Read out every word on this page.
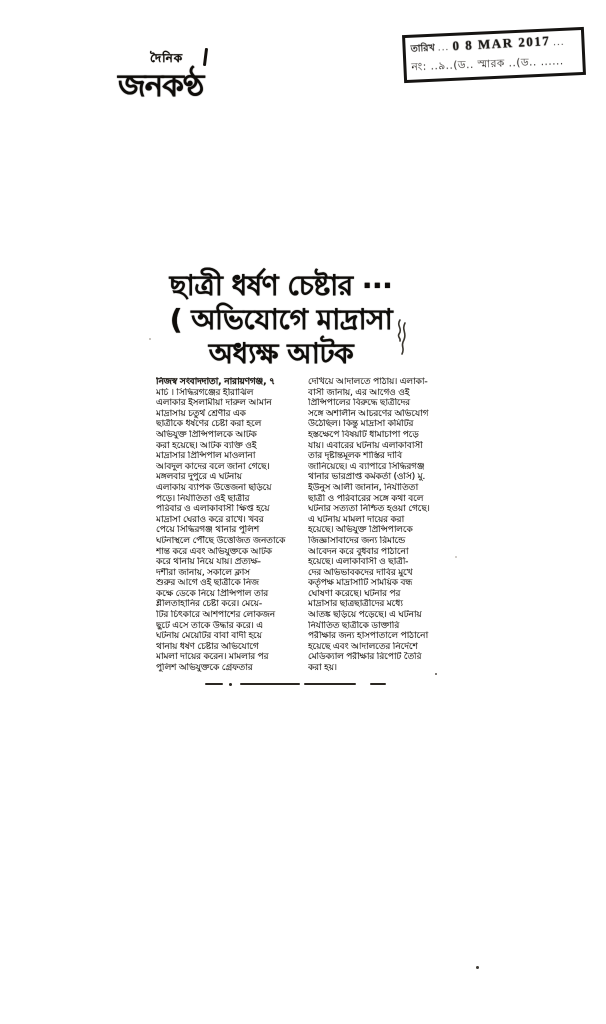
দৈনিক
জনকণ্ঠ
তারিখ ... 0 8 MAR 2017 ...
নং: ..৯..(ড.. স্মারক ..(ড.. ......
ছাত্রী ধর্ষণ চেষ্টার ···
( অভিযোগে মাদ্রাসা
অধ্যক্ষ আটক
নিজস্ব সংবাদদাতা, নারায়ণগঞ্জ, ৭
মার্চ । সিদ্ধিরগঞ্জের হীরাঝিল
এলাকার ইসলামীয়া দারুল আমান
মাদ্রাসায় চতুর্থ শ্রেণীর এক
ছাত্রীকে ধর্ষণের চেষ্টা করা হলে
অভিযুক্ত প্রিন্সিপালকে আটক
করা হয়েছে। আটক ব্যক্তি ওই
মাদ্রাসার প্রিন্সিপাল মাওলানা
আবদুল কাদের বলে জানা গেছে।
মঙ্গলবার দুপুরে এ ঘটনায়
এলাকায় ব্যাপক উত্তেজনা ছড়িয়ে
পড়ে। নির্যাতিতা ওই ছাত্রীর
পরিবার ও এলাকাবাসী ক্ষিপ্ত হয়ে
মাদ্রাসা ঘেরাও করে রাখে। খবর
পেয়ে সিদ্ধিরগঞ্জ থানার পুলিশ
ঘটনাস্থলে পৌঁছে উত্তেজিত জনতাকে
শান্ত করে এবং অভিযুক্তকে আটক
করে থানায় নিয়ে যায়। প্রত্যক্ষ-
দর্শীরা জানায়, সকালে ক্লাস
শুরুর আগে ওই ছাত্রীকে নিজ
কক্ষে ডেকে নিয়ে প্রিন্সিপাল তার
শ্লীলতাহানির চেষ্টা করে। মেয়ে-
টির চিৎকারে আশপাশের লোকজন
ছুটে এসে তাকে উদ্ধার করে। এ
ঘটনায় মেয়েটির বাবা বাদী হয়ে
থানায় ধর্ষণ চেষ্টার অভিযোগে
মামলা দায়ের করেন। মামলার পর
পুলিশ অভিযুক্তকে গ্রেফতার
দেখিয়ে আদালতে পাঠায়। এলাকা-
বাসী জানায়, এর আগেও ওই
প্রিন্সিপালের বিরুদ্ধে ছাত্রীদের
সঙ্গে অশালীন আচরণের অভিযোগ
উঠেছিল। কিন্তু মাদ্রাসা কমিটির
হস্তক্ষেপে বিষয়টি ধামাচাপা পড়ে
যায়। এবারের ঘটনায় এলাকাবাসী
তার দৃষ্টান্তমূলক শাস্তির দাবি
জানিয়েছে। এ ব্যাপারে সিদ্ধিরগঞ্জ
থানার ভারপ্রাপ্ত কর্মকর্তা (ওসি) মু.
ইউনুস আলী জানান, নির্যাতিতা
ছাত্রী ও পরিবারের সঙ্গে কথা বলে
ঘটনার সত্যতা নিশ্চিত হওয়া গেছে।
এ ঘটনায় মামলা দায়ের করা
হয়েছে। অভিযুক্ত প্রিন্সিপালকে
জিজ্ঞাসাবাদের জন্য রিমান্ডে
আবেদন করে বুধবার পাঠানো
হয়েছে। এলাকাবাসী ও ছাত্রী-
দের অভিভাবকদের দাবির মুখে
কর্তৃপক্ষ মাদ্রাসাটি সাময়িক বন্ধ
ঘোষণা করেছে। ঘটনার পর
মাদ্রাসার ছাত্রছাত্রীদের মধ্যে
আতঙ্ক ছড়িয়ে পড়েছে। এ ঘটনায়
নির্যাতিত ছাত্রীকে ডাক্তারি
পরীক্ষার জন্য হাসপাতালে পাঠানো
হয়েছে এবং আদালতের নির্দেশে
মেডিক্যাল পরীক্ষার রিপোর্ট তৈরি
করা হয়।
